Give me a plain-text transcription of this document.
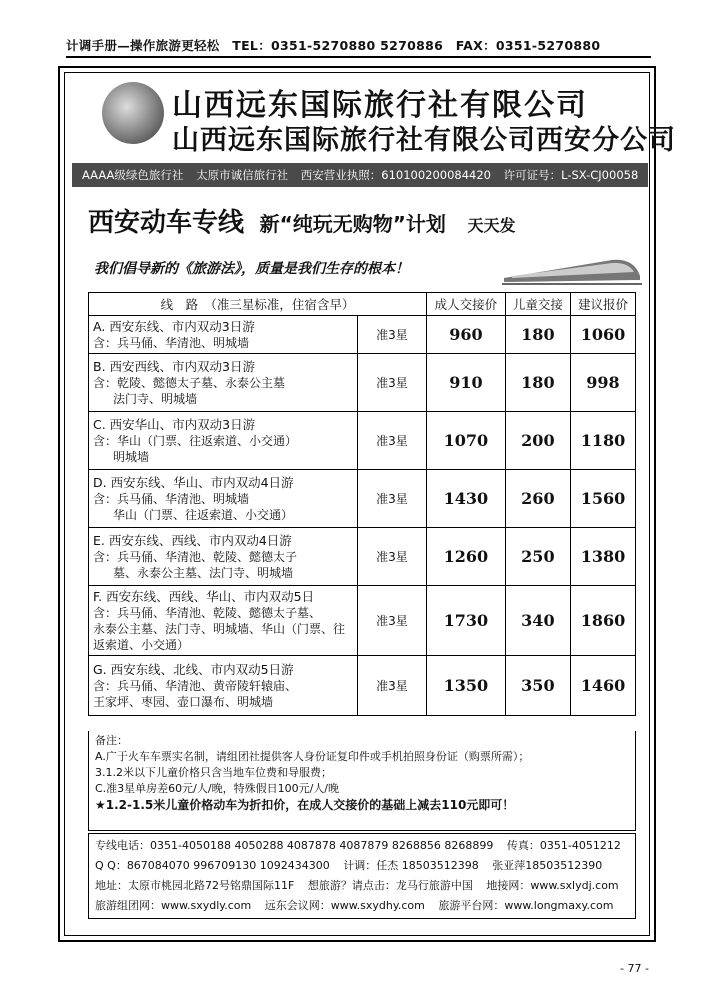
计调手册—操作旅游更轻松 TEL：0351-5270880 5270886 FAX：0351-5270880
山西远东国际旅行社有限公司
山西远东国际旅行社有限公司西安分公司
AAAA级绿色旅行社 太原市诚信旅行社 西安营业执照：610100200084420 许可证号：L-SX-CJ00058
西安动车专线 新“纯玩无购物”计划 天天发
我们倡导新的《旅游法》，质量是我们生存的根本！
线　路　（准三星标准，住宿含早）		成人交接价	儿童交接	建议报价

A. 西安东线、市内双动3日游
含：兵马俑、华清池、明城墙	准3星	960	180	1060

B. 西安西线、市内双动3日游
含：乾陵、懿德太子墓、永泰公主墓
法门寺、明城墙	准3星	910	180	998

C. 西安华山、市内双动3日游
含：华山（门票、往返索道、小交通）
明城墙	准3星	1070	200	1180

D. 西安东线、华山、市内双动4日游
含：兵马俑、华清池、明城墙
华山（门票、往返索道、小交通）	准3星	1430	260	1560

E. 西安东线、西线、市内双动4日游
含：兵马俑、华清池、乾陵、懿德太子
墓、永泰公主墓、法门寺、明城墙	准3星	1260	250	1380

F. 西安东线、西线、华山、市内双动5日
含：兵马俑、华清池、乾陵、懿德太子墓、
永泰公主墓、法门寺、明城墙、华山（门票、往返索道、小交通）	准3星	1730	340	1860

G. 西安东线、北线、市内双动5日游
含：兵马俑、华清池、黄帝陵轩辕庙、
王家坪、枣园、壶口瀑布、明城墙	准3星	1350	350	1460
备注：
A.广于火车车票实名制，请组团社提供客人身份证复印件或手机拍照身份证（购票所需）；
3.1.2米以下儿童价格只含当地车位费和导服费；
C.准3星单房差60元/人/晚，特殊假日100元/人/晚
★1.2-1.5米儿童价格动车为折扣价，在成人交接价的基础上减去110元即可！
专线电话：0351-4050188 4050288 4087878 4087879 8268856 8268899 传真：0351-4051212
Q Q：867084070 996709130 1092434300 计调：任杰 18503512398 张亚萍18503512390
地址：太原市桃园北路72号铭鼎国际11F 想旅游？请点击：龙马行旅游中国 地接网：www.sxlydj.com
旅游组团网：www.sxydly.com 远东会议网：www.sxydhy.com 旅游平台网：www.longmaxy.com
- 77 -
